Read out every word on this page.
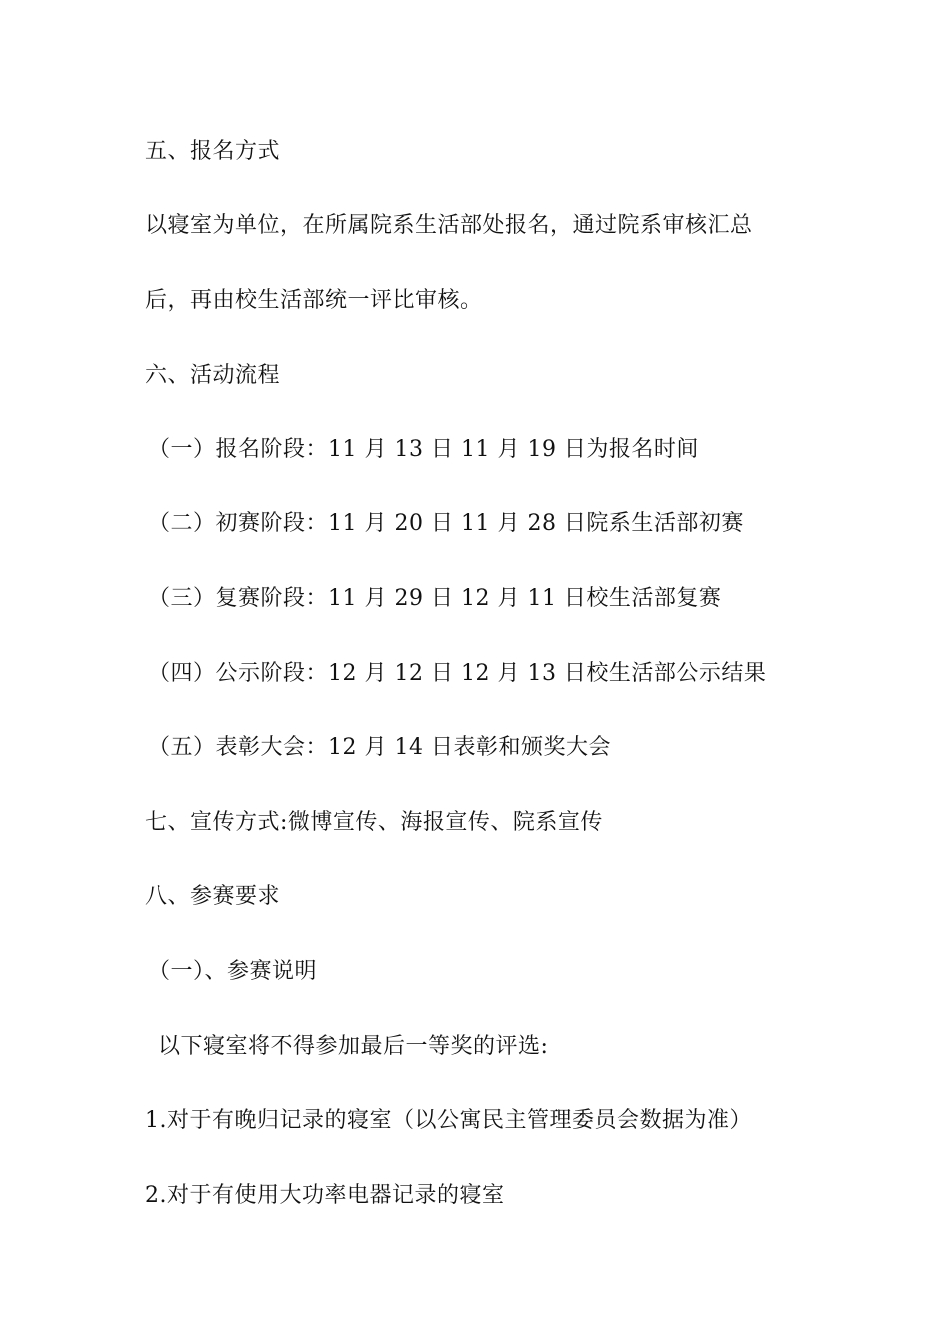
五、报名方式
以寝室为单位，在所属院系生活部处报名，通过院系审核汇总
后，再由校生活部统一评比审核。
六、活动流程
（一）报名阶段：11 月 13 日 11 月 19 日为报名时间
（二）初赛阶段：11 月 20 日 11 月 28 日院系生活部初赛
（三）复赛阶段：11 月 29 日 12 月 11 日校生活部复赛
（四）公示阶段：12 月 12 日 12 月 13 日校生活部公示结果
（五）表彰大会：12 月 14 日表彰和颁奖大会
七、宣传方式:微博宣传、海报宣传、院系宣传
八、参赛要求
（一）、参赛说明
以下寝室将不得参加最后一等奖的评选:
1.对于有晚归记录的寝室（以公寓民主管理委员会数据为准）
2.对于有使用大功率电器记录的寝室
